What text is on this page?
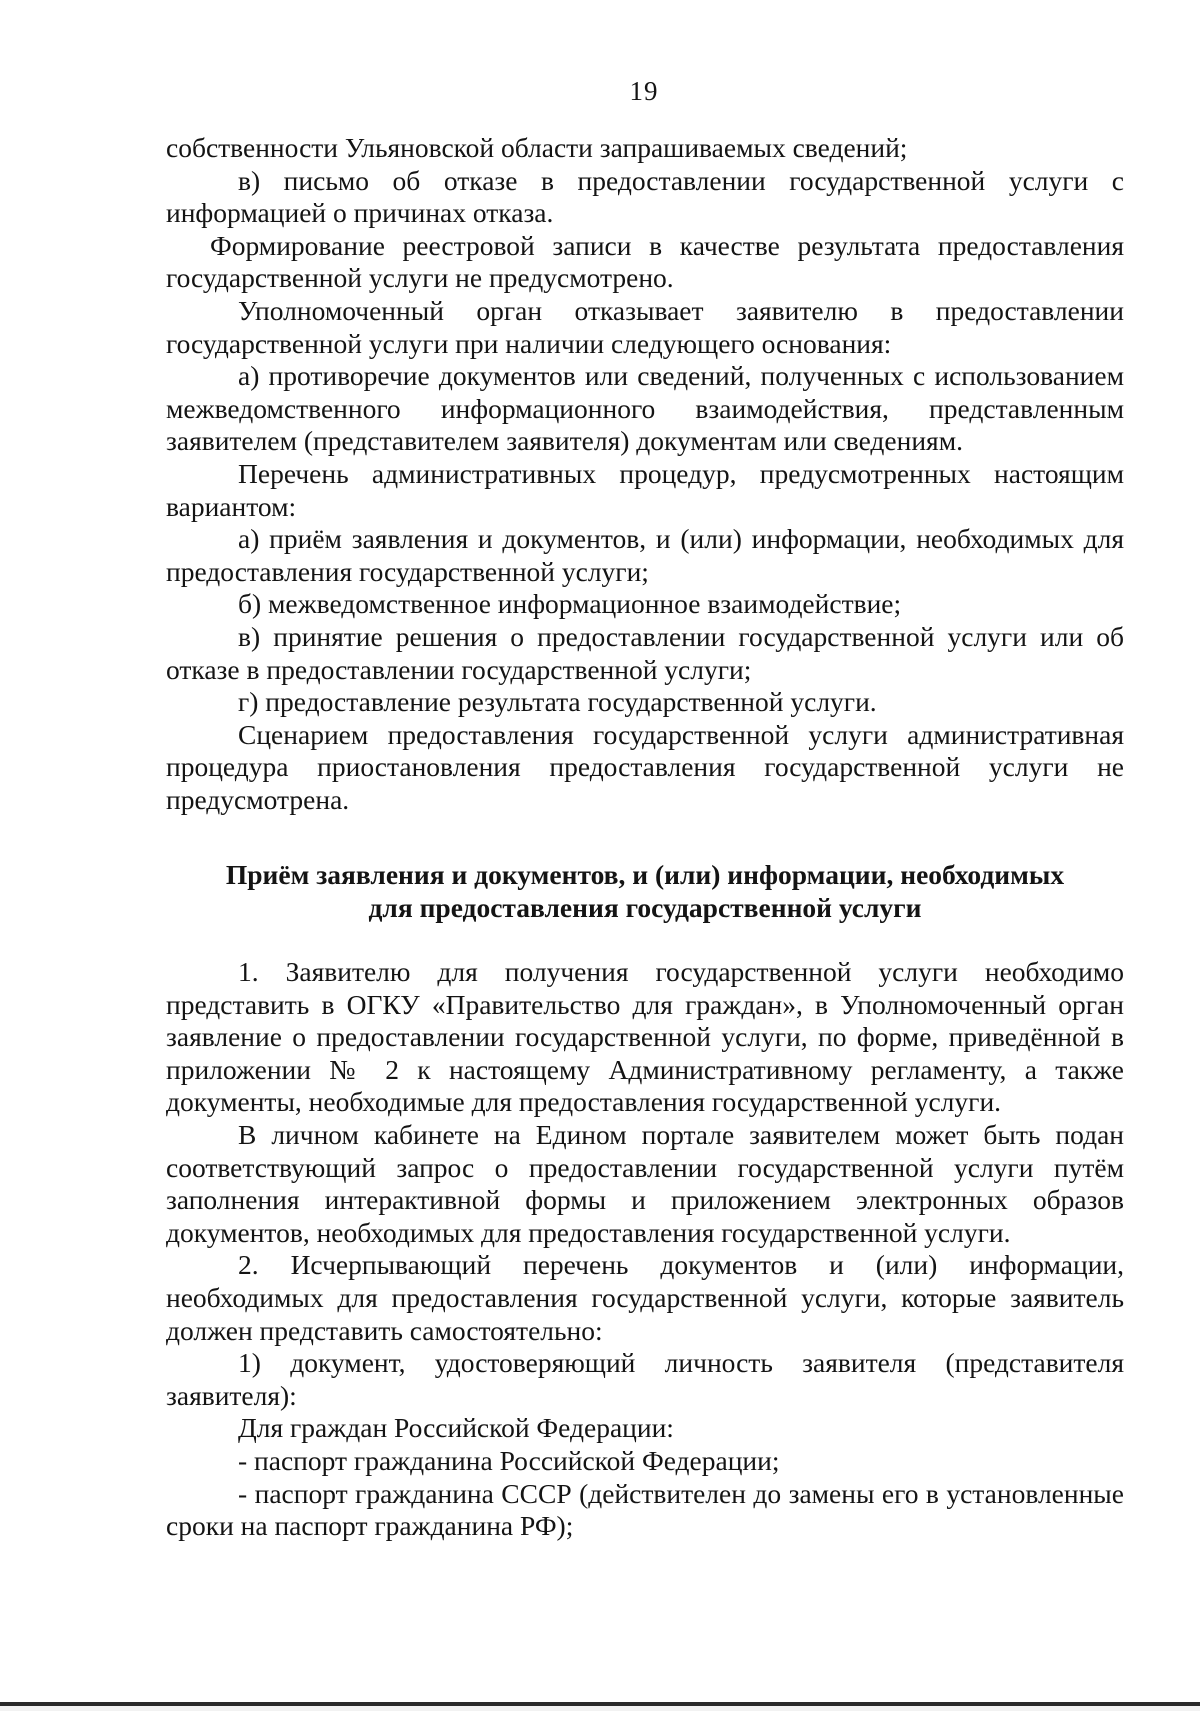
19

собственности Ульяновской области запрашиваемых сведений;

в) письмо об отказе в предоставлении государственной услуги с информацией о причинах отказа.

Формирование реестровой записи в качестве результата предоставления государственной услуги не предусмотрено.

Уполномоченный орган отказывает заявителю в предоставлении государственной услуги при наличии следующего основания:

а) противоречие документов или сведений, полученных с использованием межведомственного информационного взаимодействия, представленным заявителем (представителем заявителя) документам или сведениям.

Перечень административных процедур, предусмотренных настоящим вариантом:

а) приём заявления и документов, и (или) информации, необходимых для предоставления государственной услуги;

б) межведомственное информационное взаимодействие;

в) принятие решения о предоставлении государственной услуги или об отказе в предоставлении государственной услуги;

г) предоставление результата государственной услуги.

Сценарием предоставления государственной услуги административная процедура приостановления предоставления государственной услуги не предусмотрена.

Приём заявления и документов, и (или) информации, необходимых
для предоставления государственной услуги

1. Заявителю для получения государственной услуги необходимо представить в ОГКУ «Правительство для граждан», в Уполномоченный орган заявление о предоставлении государственной услуги, по форме, приведённой в приложении № 2 к настоящему Административному регламенту, а также документы, необходимые для предоставления государственной услуги.

В личном кабинете на Едином портале заявителем может быть подан соответствующий запрос о предоставлении государственной услуги путём заполнения интерактивной формы и приложением электронных образов документов, необходимых для предоставления государственной услуги.

2. Исчерпывающий перечень документов и (или) информации, необходимых для предоставления государственной услуги, которые заявитель должен представить самостоятельно:

1) документ, удостоверяющий личность заявителя (представителя заявителя):

Для граждан Российской Федерации:

- паспорт гражданина Российской Федерации;

- паспорт гражданина СССР (действителен до замены его в установленные сроки на паспорт гражданина РФ);
